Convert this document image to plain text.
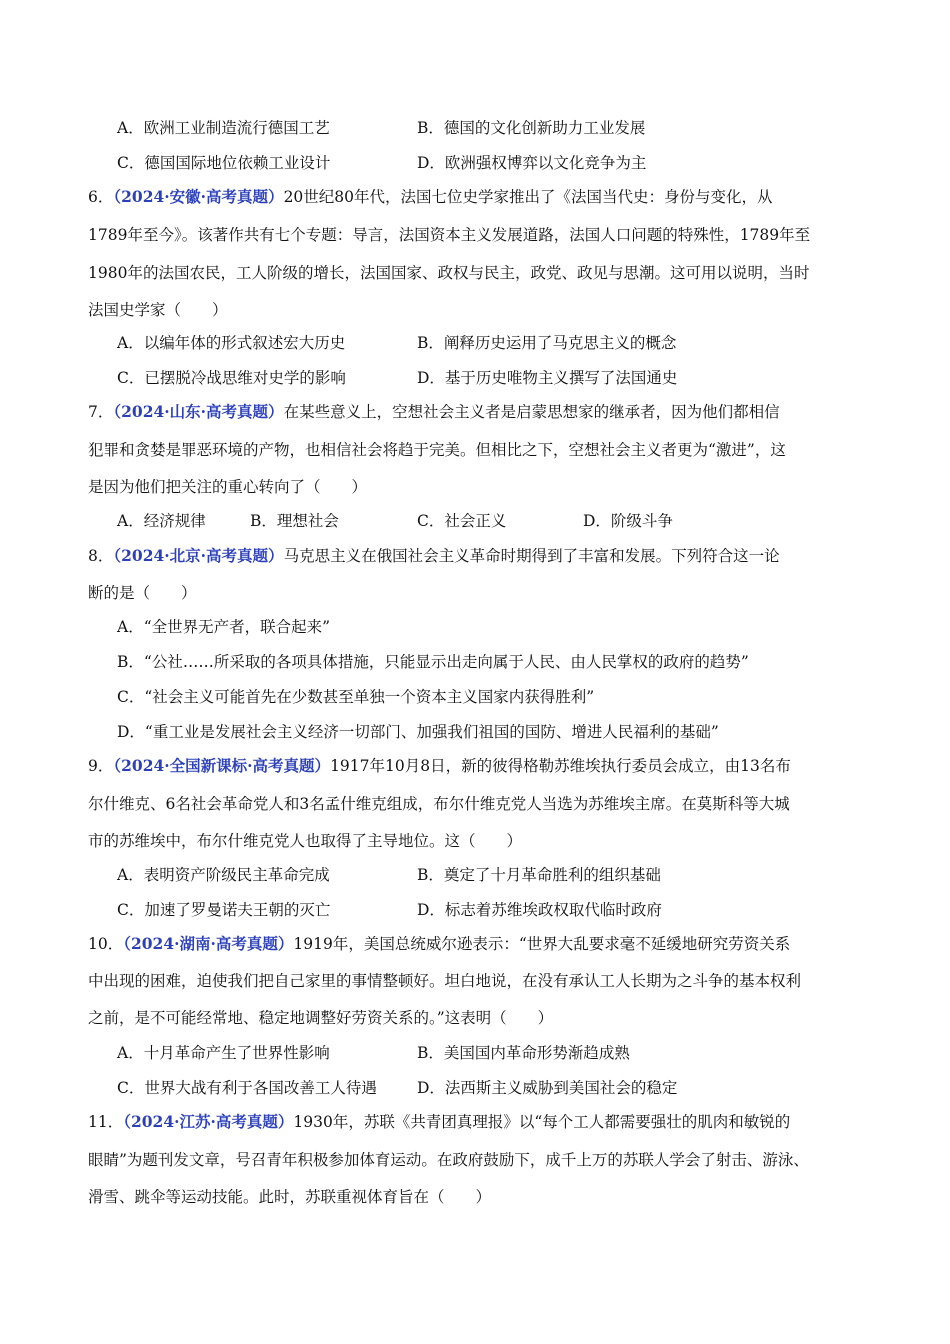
A．欧洲工业制造流行德国工艺	B．德国的文化创新助力工业发展
C．德国国际地位依赖工业设计	D．欧洲强权博弈以文化竞争为主
6．（2024·安徽·高考真题）20世纪80年代，法国七位史学家推出了《法国当代史：身份与变化，从
1789年至今》。该著作共有七个专题：导言，法国资本主义发展道路，法国人口问题的特殊性，1789年至
1980年的法国农民，工人阶级的增长，法国国家、政权与民主，政党、政见与思潮。这可用以说明，当时
法国史学家（　　）
A．以编年体的形式叙述宏大历史	B．阐释历史运用了马克思主义的概念
C．已摆脱冷战思维对史学的影响	D．基于历史唯物主义撰写了法国通史
7．（2024·山东·高考真题）在某些意义上，空想社会主义者是启蒙思想家的继承者，因为他们都相信
犯罪和贪婪是罪恶环境的产物，也相信社会将趋于完美。但相比之下，空想社会主义者更为“激进”，这
是因为他们把关注的重心转向了（　　）
A．经济规律	B．理想社会	C．社会正义	D．阶级斗争
8．（2024·北京·高考真题）马克思主义在俄国社会主义革命时期得到了丰富和发展。下列符合这一论
断的是（　　）
A．“全世界无产者，联合起来”
B．“公社……所采取的各项具体措施，只能显示出走向属于人民、由人民掌权的政府的趋势”
C．“社会主义可能首先在少数甚至单独一个资本主义国家内获得胜利”
D．“重工业是发展社会主义经济一切部门、加强我们祖国的国防、增进人民福利的基础”
9．（2024·全国新课标·高考真题）1917年10月8日，新的彼得格勒苏维埃执行委员会成立，由13名布
尔什维克、6名社会革命党人和3名孟什维克组成，布尔什维克党人当选为苏维埃主席。在莫斯科等大城
市的苏维埃中，布尔什维克党人也取得了主导地位。这（　　）
A．表明资产阶级民主革命完成	B．奠定了十月革命胜利的组织基础
C．加速了罗曼诺夫王朝的灭亡	D．标志着苏维埃政权取代临时政府
10．（2024·湖南·高考真题）1919年，美国总统威尔逊表示：“世界大乱要求毫不延缓地研究劳资关系
中出现的困难，迫使我们把自己家里的事情整顿好。坦白地说，在没有承认工人长期为之斗争的基本权利
之前，是不可能经常地、稳定地调整好劳资关系的。”这表明（　　）
A．十月革命产生了世界性影响	B．美国国内革命形势渐趋成熟
C．世界大战有利于各国改善工人待遇	D．法西斯主义威胁到美国社会的稳定
11．（2024·江苏·高考真题）1930年，苏联《共青团真理报》以“每个工人都需要强壮的肌肉和敏锐的
眼睛”为题刊发文章，号召青年积极参加体育运动。在政府鼓励下，成千上万的苏联人学会了射击、游泳、
滑雪、跳伞等运动技能。此时，苏联重视体育旨在（　　）
